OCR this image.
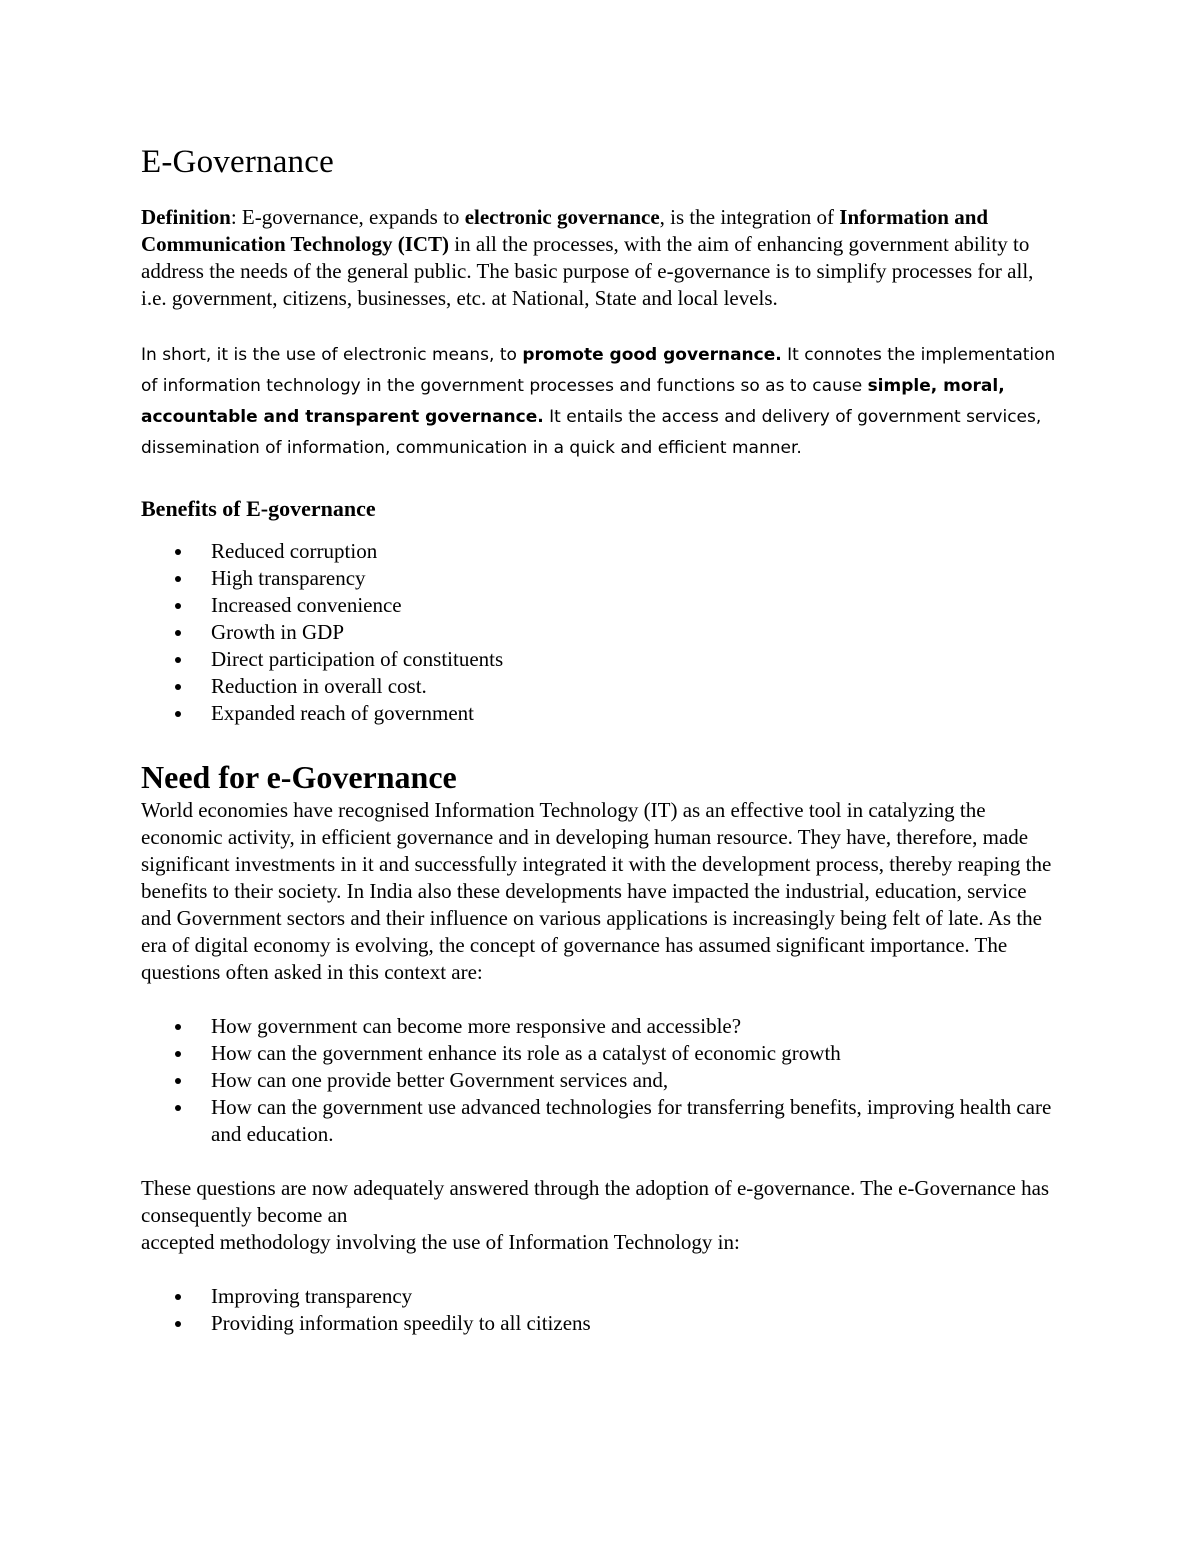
E-Governance

Definition: E-governance, expands to electronic governance, is the integration of Information and Communication Technology (ICT) in all the processes, with the aim of enhancing government ability to address the needs of the general public. The basic purpose of e-governance is to simplify processes for all, i.e. government, citizens, businesses, etc. at National, State and local levels.

In short, it is the use of electronic means, to promote good governance. It connotes the implementation of information technology in the government processes and functions so as to cause simple, moral, accountable and transparent governance. It entails the access and delivery of government services, dissemination of information, communication in a quick and efficient manner.

Benefits of E-governance
Reduced corruption
High transparency
Increased convenience
Growth in GDP
Direct participation of constituents
Reduction in overall cost.
Expanded reach of government
Need for e-Governance

World economies have recognised Information Technology (IT) as an effective tool in catalyzing the economic activity, in efficient governance and in developing human resource. They have, therefore, made significant investments in it and successfully integrated it with the development process, thereby reaping the benefits to their society. In India also these developments have impacted the industrial, education, service and Government sectors and their influence on various applications is increasingly being felt of late. As the era of digital economy is evolving, the concept of governance has assumed significant importance. The questions often asked in this context are:

How government can become more responsive and accessible?
How can the government enhance its role as a catalyst of economic growth
How can one provide better Government services and,
How can the government use advanced technologies for transferring benefits, improving health care and education.

These questions are now adequately answered through the adoption of e-governance. The e-Governance has consequently become an
accepted methodology involving the use of Information Technology in:

Improving transparency
Providing information speedily to all citizens
